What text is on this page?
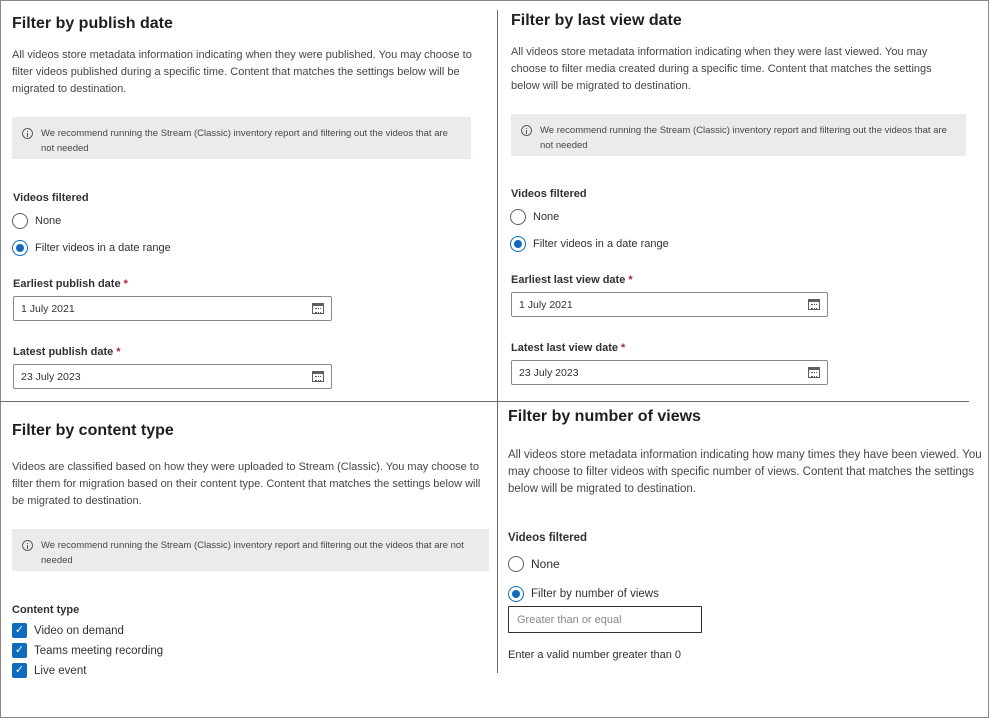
Filter by publish date
All videos store metadata information indicating when they were published. You may choose to filter videos published during a specific time. Content that matches the settings below will be migrated to destination.
We recommend running the Stream (Classic) inventory report and filtering out the videos that are not needed
Videos filtered
None
Filter videos in a date range
Earliest publish date *
1 July 2021
Latest publish date *
23 July 2023
Filter by last view date
All videos store metadata information indicating when they were last viewed. You may choose to filter media created during a specific time. Content that matches the settings below will be migrated to destination.
We recommend running the Stream (Classic) inventory report and filtering out the videos that are not needed
Videos filtered
None
Filter videos in a date range
Earliest last view date *
1 July 2021
Latest last view date *
23 July 2023
Filter by content type
Videos are classified based on how they were uploaded to Stream (Classic). You may choose to filter them for migration based on their content type. Content that matches the settings below will be migrated to destination.
We recommend running the Stream (Classic) inventory report and filtering out the videos that are not needed
Content type
✓ Video on demand
✓ Teams meeting recording
✓ Live event
Filter by number of views
All videos store metadata information indicating how many times they have been viewed. You may choose to filter videos with specific number of views. Content that matches the settings below will be migrated to destination.
Videos filtered
None
Filter by number of views
Greater than or equal
Enter a valid number greater than 0
